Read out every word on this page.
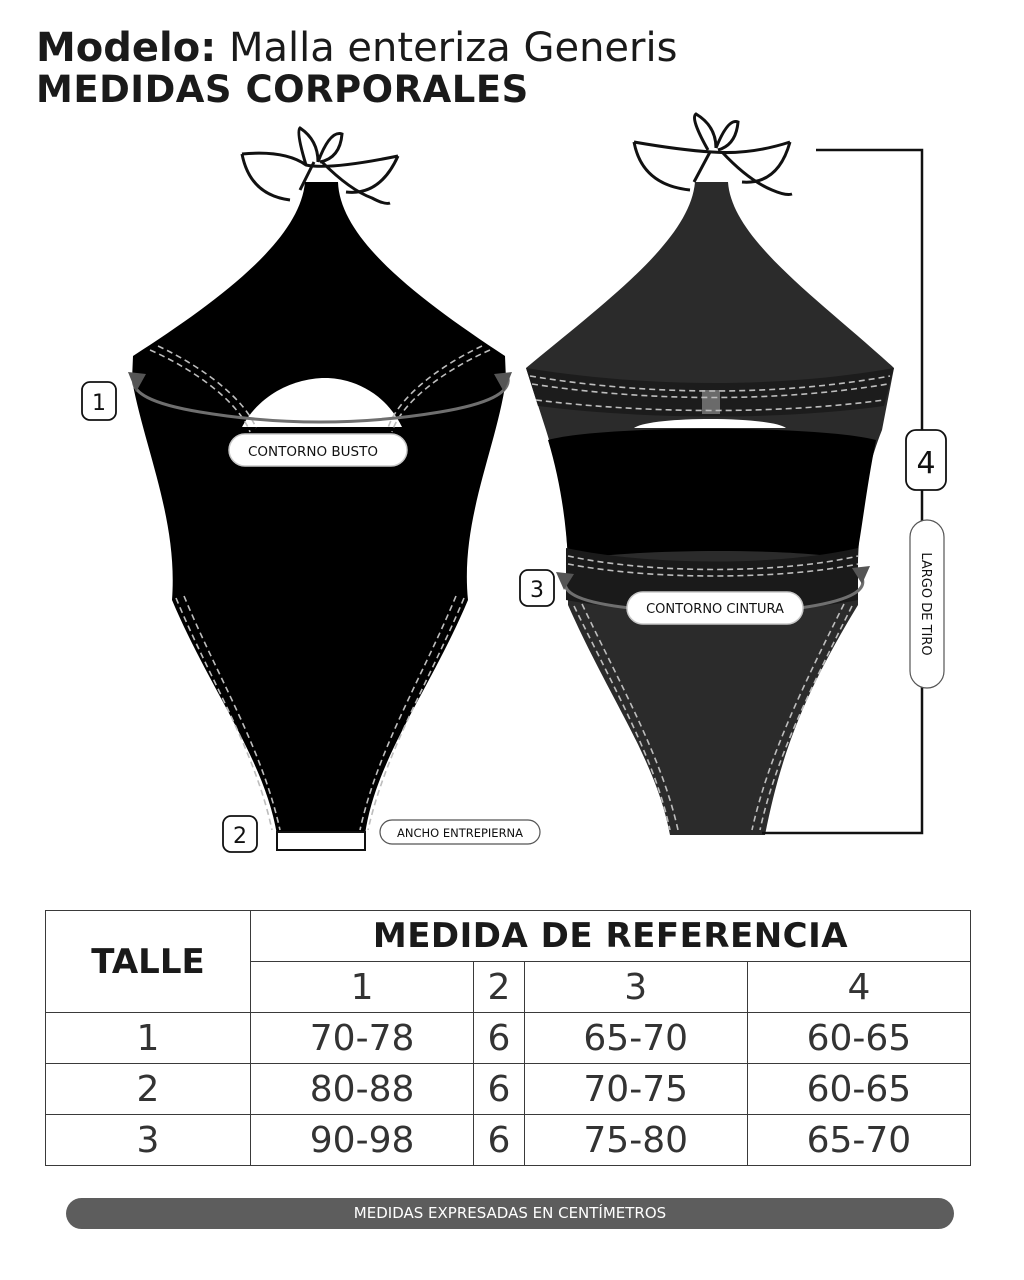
Modelo: Malla enteriza Generis
MEDIDAS CORPORALES
CONTORNO BUSTO
CONTORNO CINTURA
ANCHO ENTREPIERNA
LARGO DE TIRO
1
2
3
4
TALLE	MEDIDA DE REFERENCIA			
	1	2	3	4
1	70-78	6	65-70	60-65
2	80-88	6	70-75	60-65
3	90-98	6	75-80	65-70
MEDIDAS EXPRESADAS EN CENTÍMETROS
